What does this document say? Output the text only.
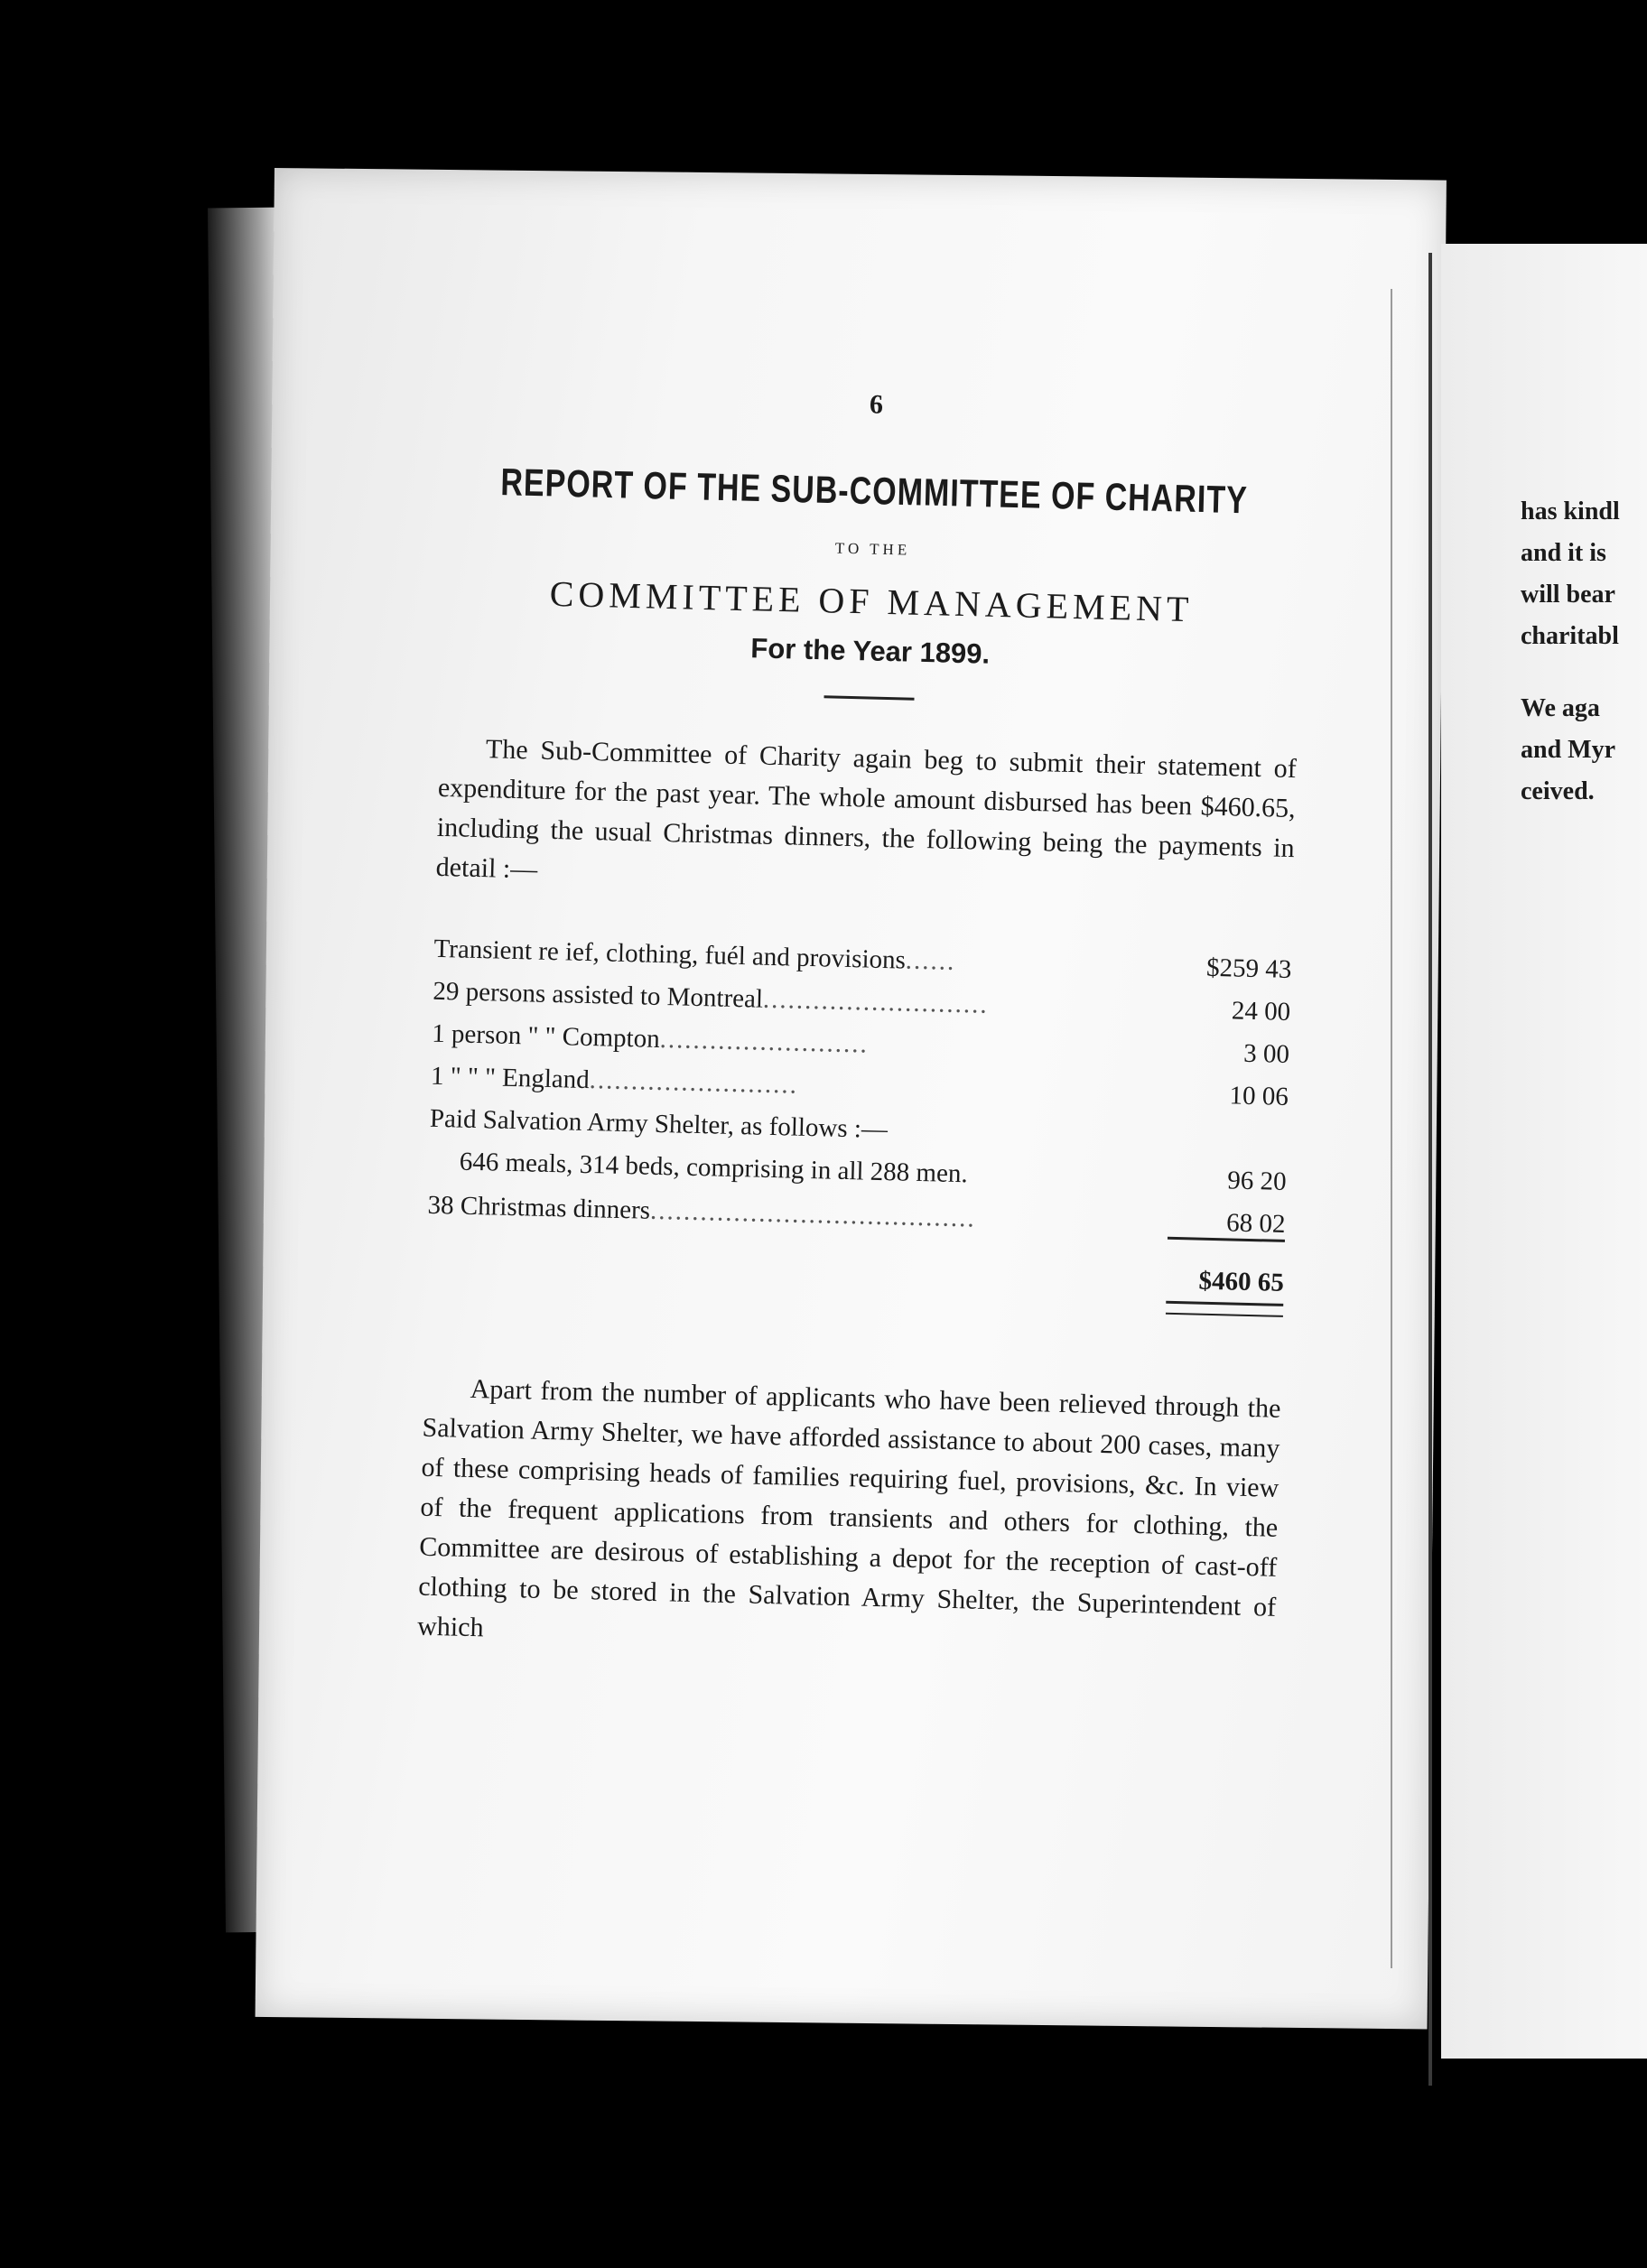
6
REPORT OF THE SUB-COMMITTEE OF CHARITY
TO THE
COMMITTEE OF MANAGEMENT
For the Year 1899.

The Sub-Committee of Charity again beg to submit their statement of expenditure for the past year. The whole amount disbursed has been $460.65, including the usual Christmas dinners, the following being the payments in detail :—

Transient re ief, clothing, fuél and provisions......	$259 43
29 persons assisted to Montreal...........................	24 00
1 person " " Compton.........................	3 00
1 " " " England.........................	10 06
Paid Salvation Army Shelter, as follows :—	
646 meals, 314 beds, comprising in all 288 men.	96 20
38 Christmas dinners.......................................	68 02
	$460 65

Apart from the number of applicants who have been relieved through the Salvation Army Shelter, we have afforded assistance to about 200 cases, many of these comprising heads of families requiring fuel, provisions, &c. In view of the frequent applications from transients and others for clothing, the Committee are desirous of establishing a depot for the reception of cast-off clothing to be stored in the Salvation Army Shelter, the Superintendent of which

has kindl
and it is
will bear
charitabl
We aga
and Myr
ceived.
